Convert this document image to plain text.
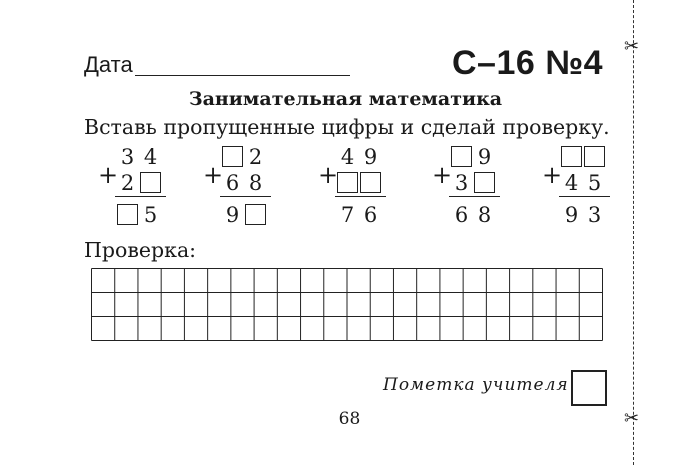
Дата	С–16 №4
Занимательная математика
Вставь пропущенные цифры и сделай проверку.
+
3 4
2
5
+
2
6 8
9
+
4 9
7 6
+
9
3
6 8
+ 4 5
9 3
Проверка:
Пометка учителя
68
✂
✂
